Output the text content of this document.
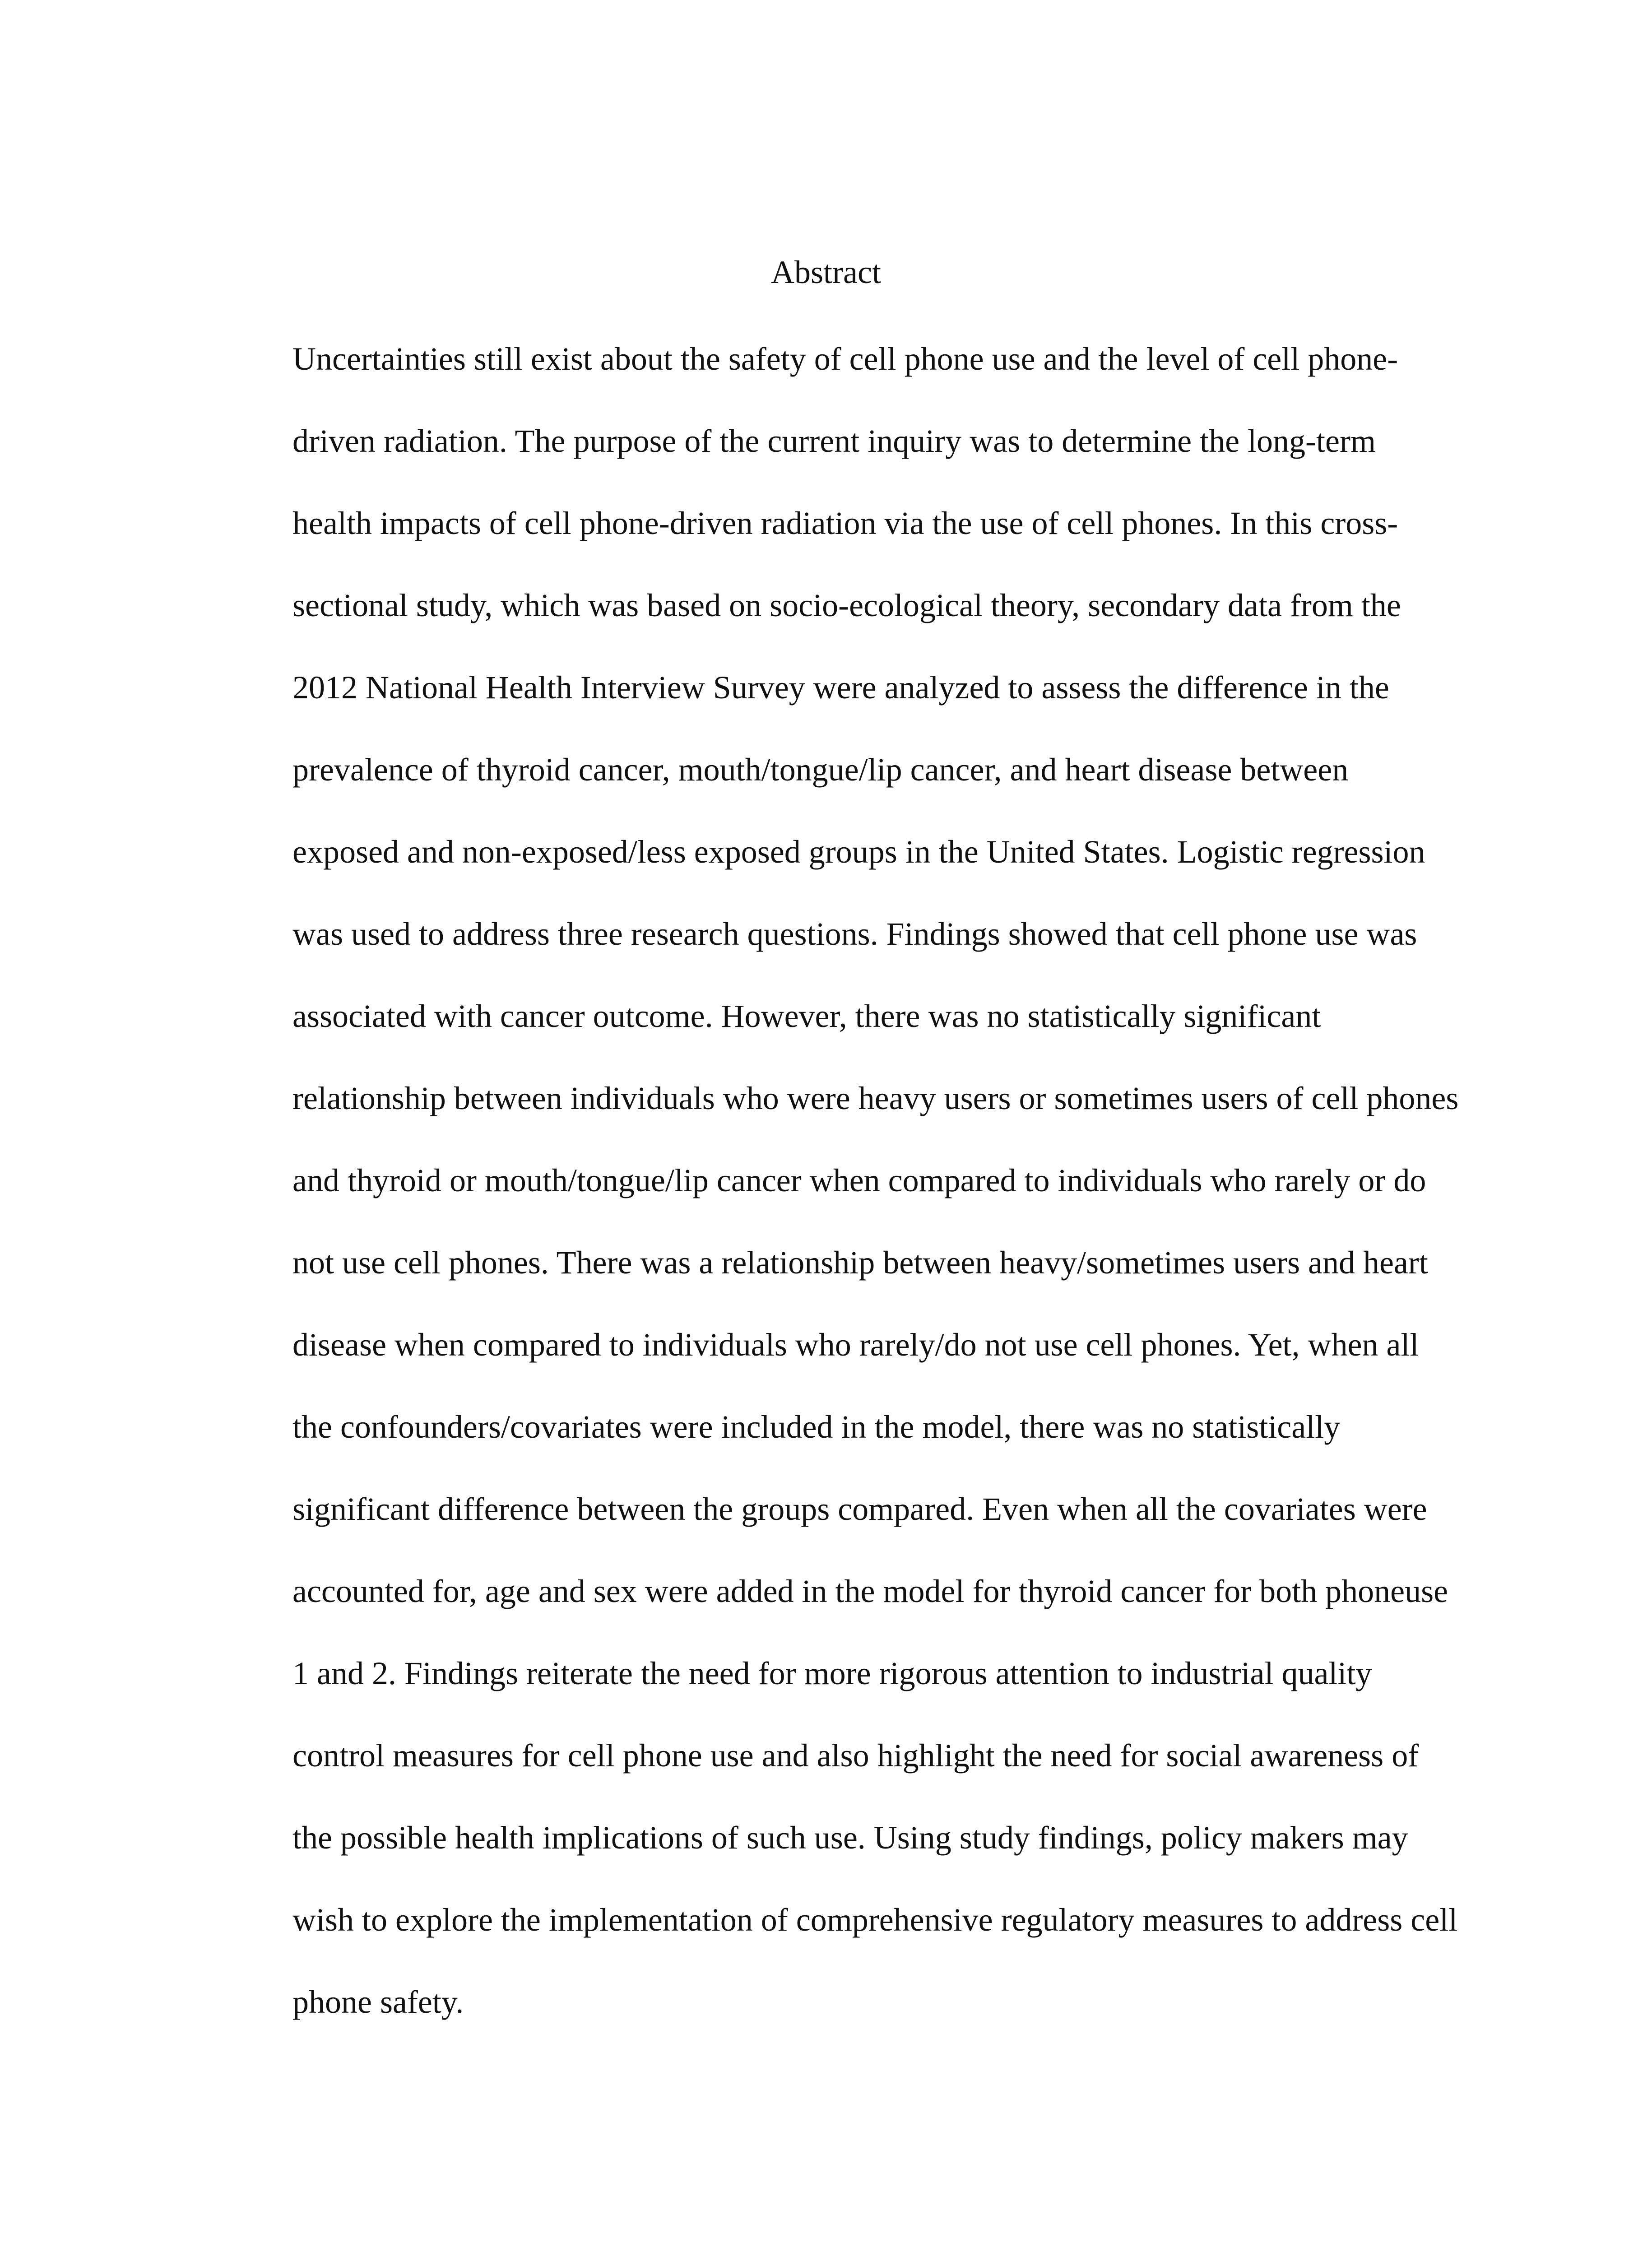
Abstract
Uncertainties still exist about the safety of cell phone use and the level of cell phone-
driven radiation. The purpose of the current inquiry was to determine the long-term
health impacts of cell phone-driven radiation via the use of cell phones. In this cross-
sectional study, which was based on socio-ecological theory, secondary data from the
2012 National Health Interview Survey were analyzed to assess the difference in the
prevalence of thyroid cancer, mouth/tongue/lip cancer, and heart disease between
exposed and non-exposed/less exposed groups in the United States. Logistic regression
was used to address three research questions. Findings showed that cell phone use was
associated with cancer outcome. However, there was no statistically significant
relationship between individuals who were heavy users or sometimes users of cell phones
and thyroid or mouth/tongue/lip cancer when compared to individuals who rarely or do
not use cell phones. There was a relationship between heavy/sometimes users and heart
disease when compared to individuals who rarely/do not use cell phones. Yet, when all
the confounders/covariates were included in the model, there was no statistically
significant difference between the groups compared. Even when all the covariates were
accounted for, age and sex were added in the model for thyroid cancer for both phoneuse
1 and 2. Findings reiterate the need for more rigorous attention to industrial quality
control measures for cell phone use and also highlight the need for social awareness of
the possible health implications of such use. Using study findings, policy makers may
wish to explore the implementation of comprehensive regulatory measures to address cell
phone safety.
